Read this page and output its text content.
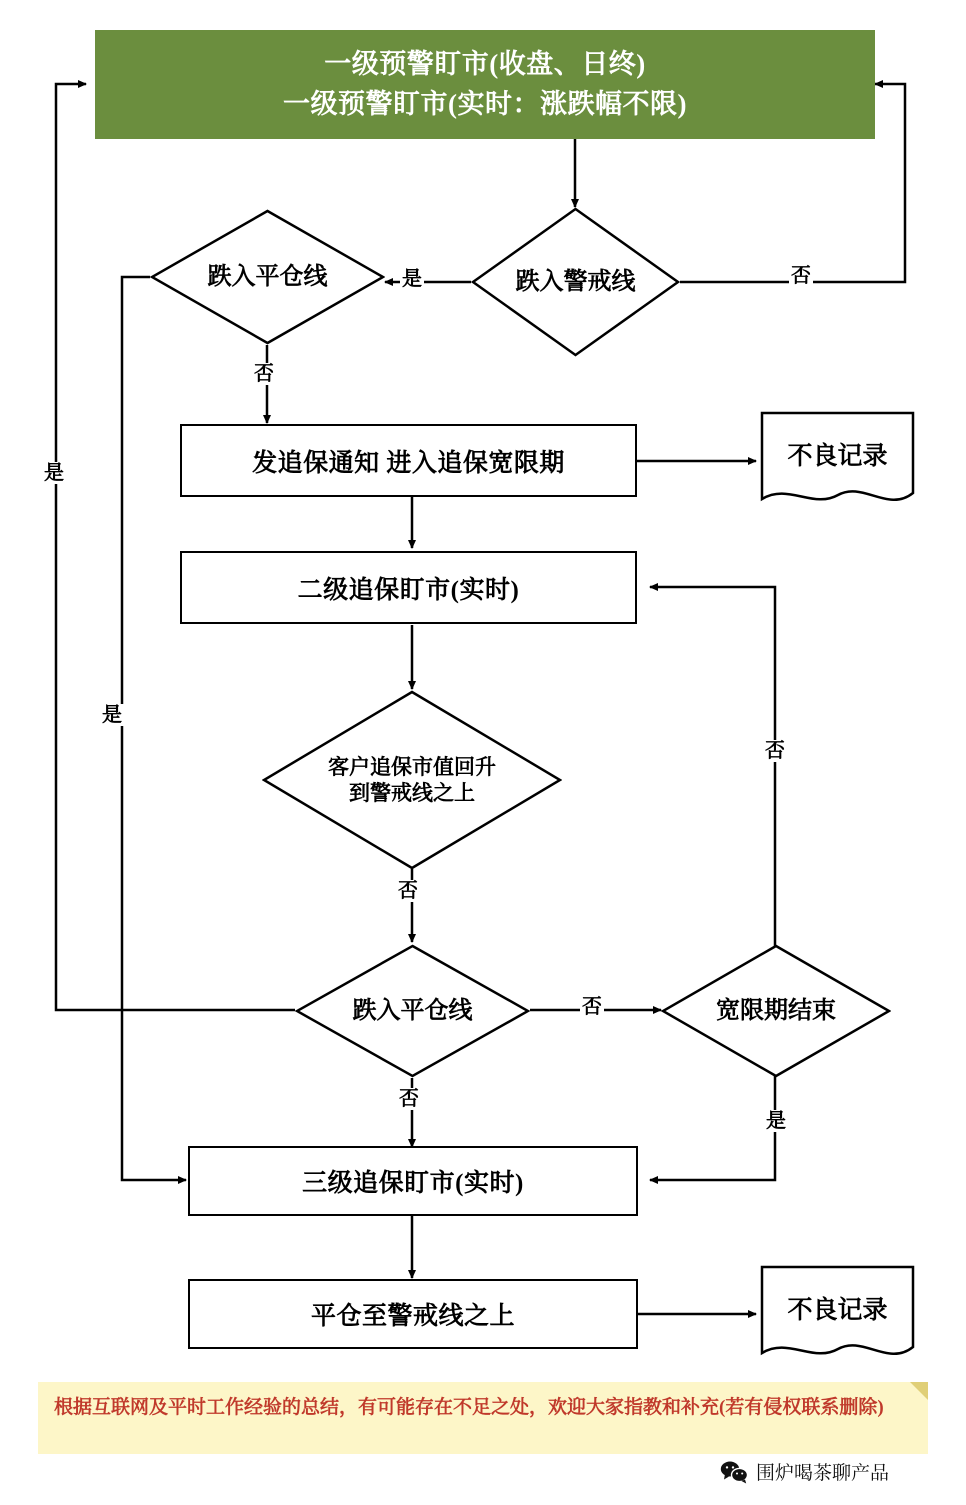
一级预警盯市(收盘、日终)
一级预警盯市(实时：涨跌幅不限)
跌入警戒线
跌入平仓线
发追保通知 进入追保宽限期	不良记录
二级追保盯市(实时)
客户追保市值回升到警戒线之上
跌入平仓线	宽限期结束
三级追保盯市(实时)
平仓至警戒线之上	不良记录
是	否
否
是
否
否
否
是
否
是
根据互联网及平时工作经验的总结，有可能存在不足之处，欢迎大家指教和补充(若有侵权联系删除)
围炉喝茶聊产品
